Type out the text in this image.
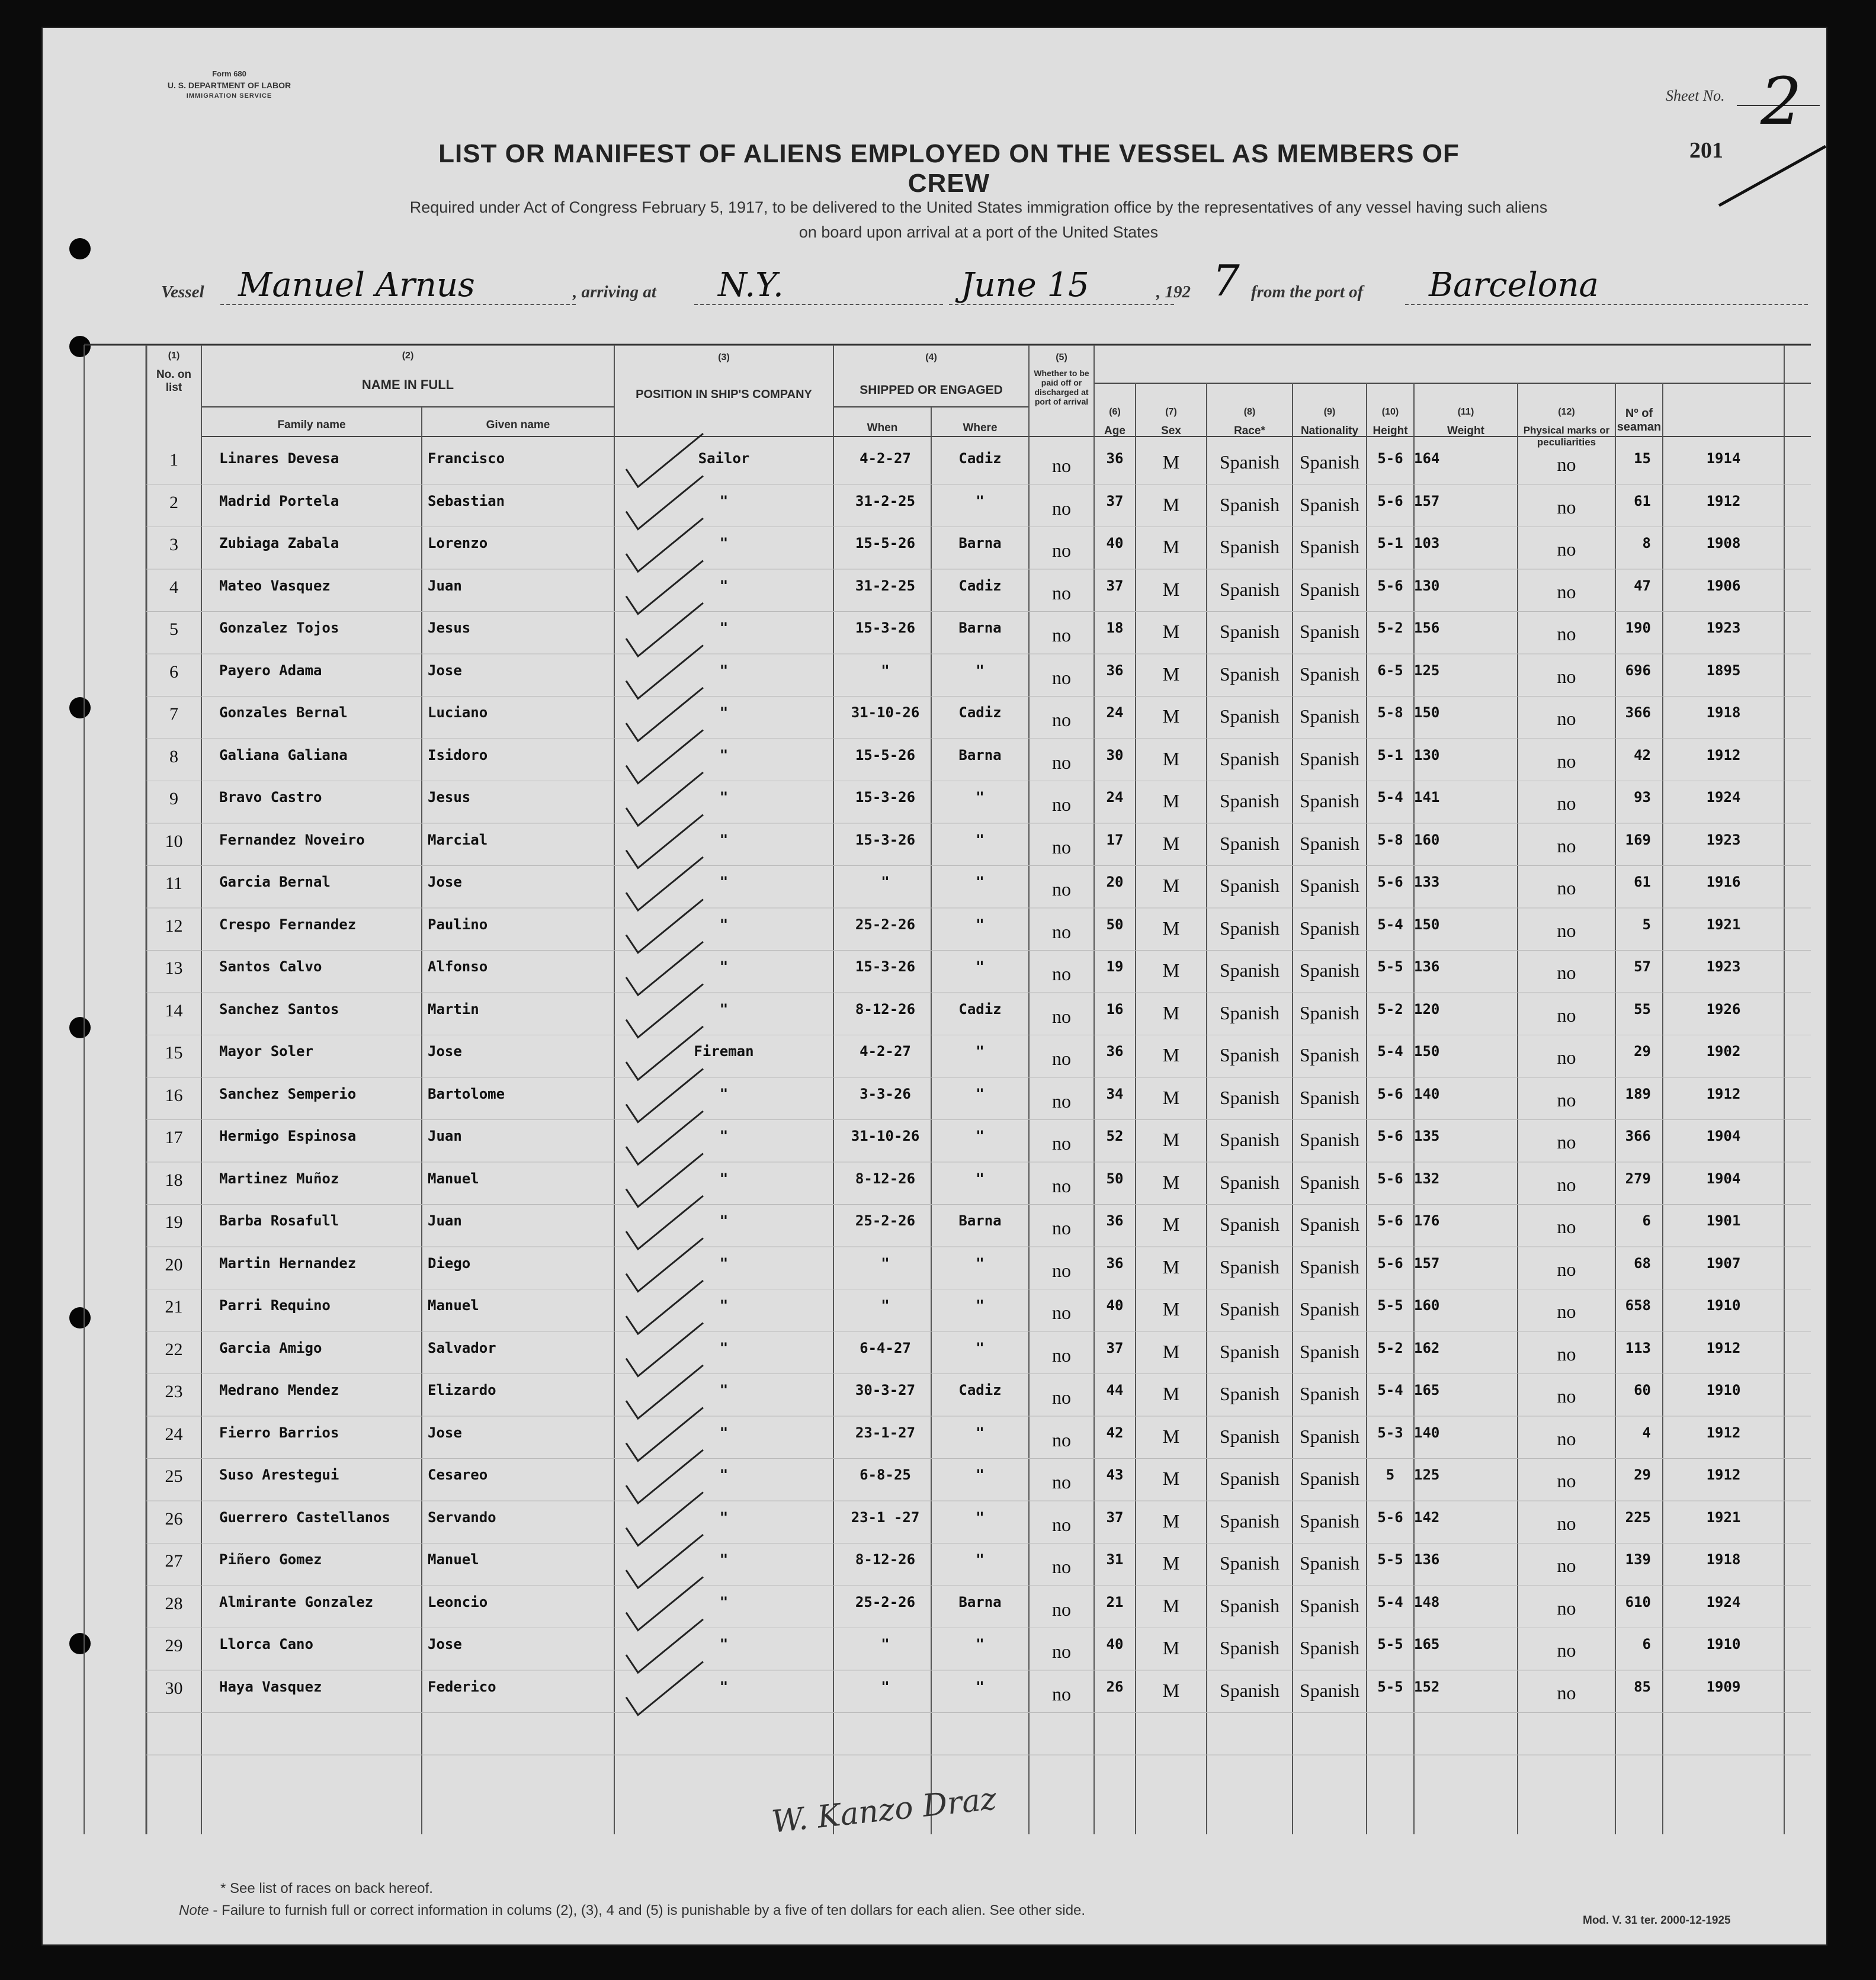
Form 680
U. S. DEPARTMENT OF LABOR
IMMIGRATION SERVICE	Sheet No. 2
201
LIST OR MANIFEST OF ALIENS EMPLOYED ON THE VESSEL AS MEMBERS OF CREW
Required under Act of Congress February 5, 1917, to be delivered to the United States immigration office by the representatives of any vessel having such aliens
on board upon arrival at a port of the United States
Vessel Manuel Arnus	, arriving at N.Y.	June 15	, 192 7 from the port of Barcelona
(1)
No. on list
(2)
NAME IN FULL
Family name	Given name
(3)
POSITION IN SHIP'S COMPANY
(4)
SHIPPED OR ENGAGED
When	Where
(5)
Whether to be paid off or discharged at port of arrival
(6)
Age
(7)
Sex
(8)
Race*
(9)
Nationality
(10)
Height
(11)
Weight
(12)
Physical marks or peculiarities
Nº of seaman
1	Linares Devesa	Francisco	Sailor	4-2-27	Cadiz	no	36	M	Spanish	Spanish	5-6 164	no	15	1914
2	Madrid Portela	Sebastian	"	31-2-25	"	no	37	M	Spanish	Spanish	5-6 157	no	61	1912
3	Zubiaga Zabala	Lorenzo	"	15-5-26	Barna	no	40	M	Spanish	Spanish	5-1 103	no	8	1908
4	Mateo Vasquez	Juan	"	31-2-25	Cadiz	no	37	M	Spanish	Spanish	5-6 130	no	47	1906
5	Gonzalez Tojos	Jesus	"	15-3-26	Barna	no	18	M	Spanish	Spanish	5-2 156	no	190	1923
6	Payero Adama	Jose	"	"	"	no	36	M	Spanish	Spanish	6-5 125	no	696	1895
7	Gonzales Bernal	Luciano	"	31-10-26	Cadiz	no	24	M	Spanish	Spanish	5-8 150	no	366	1918
8	Galiana Galiana	Isidoro	"	15-5-26	Barna	no	30	M	Spanish	Spanish	5-1 130	no	42	1912
9	Bravo Castro	Jesus	"	15-3-26	"	no	24	M	Spanish	Spanish	5-4 141	no	93	1924
10	Fernandez Noveiro	Marcial	"	15-3-26	"	no	17	M	Spanish	Spanish	5-8 160	no	169	1923
11	Garcia Bernal	Jose	"	"	"	no	20	M	Spanish	Spanish	5-6 133	no	61	1916
12	Crespo Fernandez	Paulino	"	25-2-26	"	no	50	M	Spanish	Spanish	5-4 150	no	5	1921
13	Santos Calvo	Alfonso	"	15-3-26	"	no	19	M	Spanish	Spanish	5-5 136	no	57	1923
14	Sanchez Santos	Martin	"	8-12-26	Cadiz	no	16	M	Spanish	Spanish	5-2 120	no	55	1926
15	Mayor Soler	Jose	Fireman	4-2-27	"	no	36	M	Spanish	Spanish	5-4 150	no	29	1902
16	Sanchez Semperio	Bartolome	"	3-3-26	"	no	34	M	Spanish	Spanish	5-6 140	no	189	1912
17	Hermigo Espinosa	Juan	"	31-10-26	"	no	52	M	Spanish	Spanish	5-6 135	no	366	1904
18	Martinez Muñoz	Manuel	"	8-12-26	"	no	50	M	Spanish	Spanish	5-6 132	no	279	1904
19	Barba Rosafull	Juan	"	25-2-26	Barna	no	36	M	Spanish	Spanish	5-6 176	no	6	1901
20	Martin Hernandez	Diego	"	"	"	no	36	M	Spanish	Spanish	5-6 157	no	68	1907
21	Parri Requino	Manuel	"	"	"	no	40	M	Spanish	Spanish	5-5 160	no	658	1910
22	Garcia Amigo	Salvador	"	6-4-27	"	no	37	M	Spanish	Spanish	5-2 162	no	113	1912
23	Medrano Mendez	Elizardo	"	30-3-27	Cadiz	no	44	M	Spanish	Spanish	5-4 165	no	60	1910
24	Fierro Barrios	Jose	"	23-1-27	"	no	42	M	Spanish	Spanish	5-3 140	no	4	1912
25	Suso Arestegui	Cesareo	"	6-8-25	"	no	43	M	Spanish	Spanish	5	125	no	29	1912
26	Guerrero Castellanos	Servando	"	23-1 -27	"	no	37	M	Spanish	Spanish	5-6 142	no	225	1921
27	Piñero Gomez	Manuel	"	8-12-26	"	no	31	M	Spanish	Spanish	5-5 136	no	139	1918
28	Almirante Gonzalez	Leoncio	"	25-2-26	Barna	no	21	M	Spanish	Spanish	5-4 148	no	610	1924
29	Llorca Cano	Jose	"	"	"	no	40	M	Spanish	Spanish	5-5 165	no	6	1910
30	Haya Vasquez	Federico	"	"	"	no	26	M	Spanish	Spanish	5-5 152	no	85	1909
W. Kanzo Draz
* See list of races on back hereof.
Note - Failure to furnish full or correct information in colums (2), (3), 4 and (5) is punishable by a five of ten dollars for each alien. See other side.
Mod. V. 31 ter. 2000-12-1925
